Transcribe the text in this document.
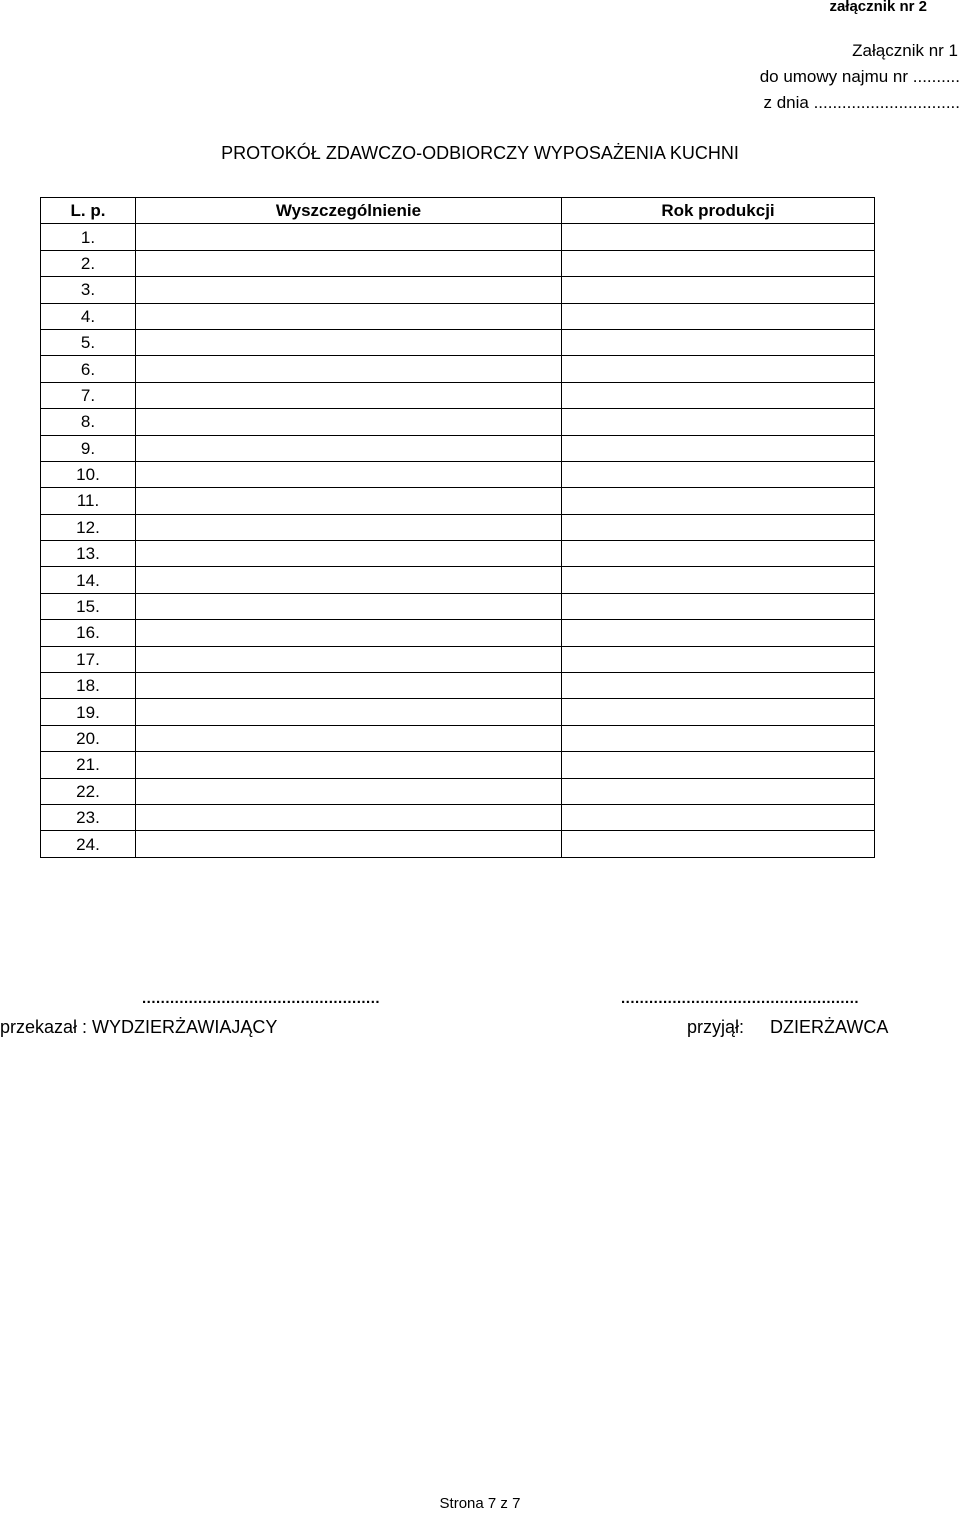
załącznik nr 2
Załącznik nr 1
do umowy najmu nr ..........
z dnia ...............................
PROTOKÓŁ ZDAWCZO-ODBIORCZY WYPOSAŻENIA KUCHNI
L. p.	Wyszczególnienie	Rok produkcji
1.		
2.		
3.		
4.		
5.		
6.		
7.		
8.		
9.		
10.		
11.		
12.		
13.		
14.		
15.		
16.		
17.		
18.		
19.		
20.		
21.		
22.		
23.		
24.		
...................................................	...................................................
przekazał : WYDZIERŻAWIAJĄCY	przyjął: DZIERŻAWCA
Strona 7 z 7
